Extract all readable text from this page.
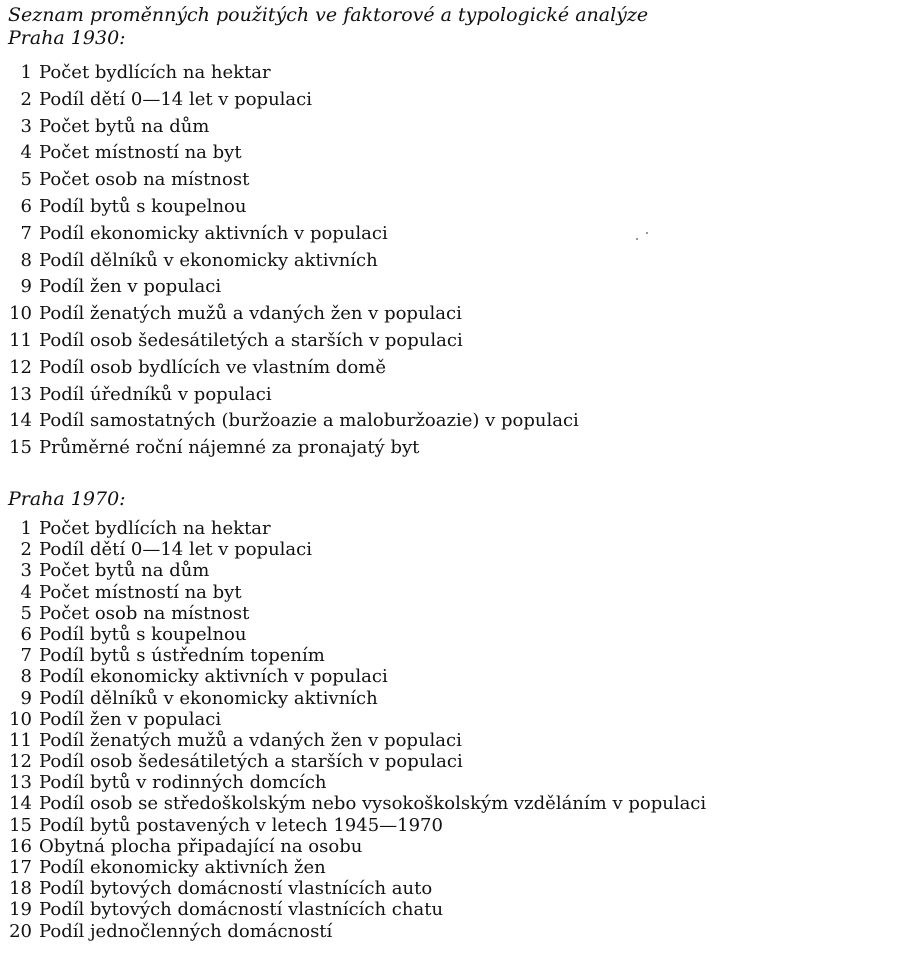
Seznam proměnných použitých ve faktorové a typologické analýze
Praha 1930:
1 Počet bydlících na hektar
2 Podíl dětí 0—14 let v populaci
3 Počet bytů na dům
4 Počet místností na byt
5 Počet osob na místnost
6 Podíl bytů s koupelnou
7 Podíl ekonomicky aktivních v populaci
8 Podíl dělníků v ekonomicky aktivních
9 Podíl žen v populaci
10 Podíl ženatých mužů a vdaných žen v populaci
11 Podíl osob šedesátiletých a starších v populaci
12 Podíl osob bydlících ve vlastním domě
13 Podíl úředníků v populaci
14 Podíl samostatných (buržoazie a maloburžoazie) v populaci
15 Průměrné roční nájemné za pronajatý byt
Praha 1970:
1 Počet bydlících na hektar
2 Podíl dětí 0—14 let v populaci
3 Počet bytů na dům
4 Počet místností na byt
5 Počet osob na místnost
6 Podíl bytů s koupelnou
7 Podíl bytů s ústředním topením
8 Podíl ekonomicky aktivních v populaci
9 Podíl dělníků v ekonomicky aktivních
10 Podíl žen v populaci
11 Podíl ženatých mužů a vdaných žen v populaci
12 Podíl osob šedesátiletých a starších v populaci
13 Podíl bytů v rodinných domcích
14 Podíl osob se středoškolským nebo vysokoškolským vzděláním v populaci
15 Podíl bytů postavených v letech 1945—1970
16 Obytná plocha připadající na osobu
17 Podíl ekonomicky aktivních žen
18 Podíl bytových domácností vlastnících auto
19 Podíl bytových domácností vlastnících chatu
20 Podíl jednočlenných domácností
